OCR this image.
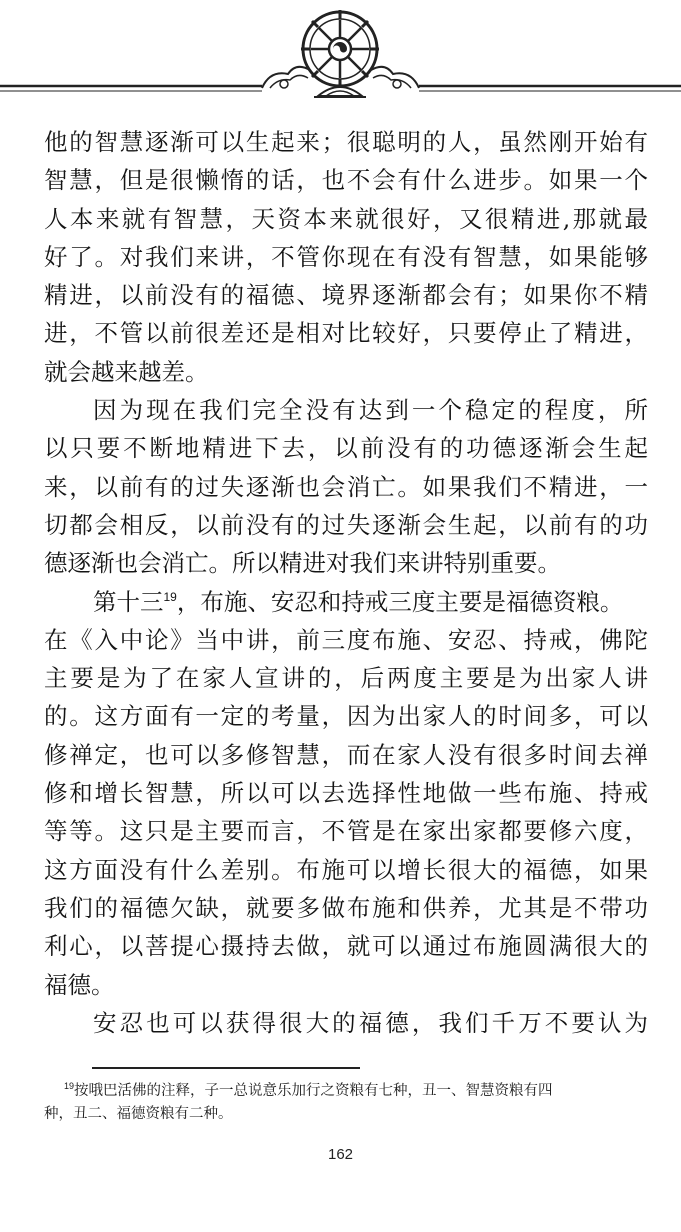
他的智慧逐渐可以生起来；很聪明的人，虽然刚开始有
智慧，但是很懒惰的话，也不会有什么进步。如果一个
人本来就有智慧，天资本来就很好，又很精进,那就最
好了。对我们来讲，不管你现在有没有智慧，如果能够
精进，以前没有的福德、境界逐渐都会有；如果你不精
进，不管以前很差还是相对比较好，只要停止了精进，
就会越来越差。
因为现在我们完全没有达到一个稳定的程度，所
以只要不断地精进下去，以前没有的功德逐渐会生起
来，以前有的过失逐渐也会消亡。如果我们不精进，一
切都会相反，以前没有的过失逐渐会生起，以前有的功
德逐渐也会消亡。所以精进对我们来讲特别重要。
第十三$^{19}$，布施、安忍和持戒三度主要是福德资粮。
在《入中论》当中讲，前三度布施、安忍、持戒，佛陀
主要是为了在家人宣讲的，后两度主要是为出家人讲
的。这方面有一定的考量，因为出家人的时间多，可以
修禅定，也可以多修智慧，而在家人没有很多时间去禅
修和增长智慧，所以可以去选择性地做一些布施、持戒
等等。这只是主要而言，不管是在家出家都要修六度，
这方面没有什么差别。布施可以增长很大的福德，如果
我们的福德欠缺，就要多做布施和供养，尤其是不带功
利心，以菩提心摄持去做，就可以通过布施圆满很大的
福德。
安忍也可以获得很大的福德，我们千万不要认为
$^{19}$按哦巴活佛的注释，子一总说意乐加行之资粮有七种，丑一、智慧资粮有四
种，丑二、福德资粮有二种。
162
